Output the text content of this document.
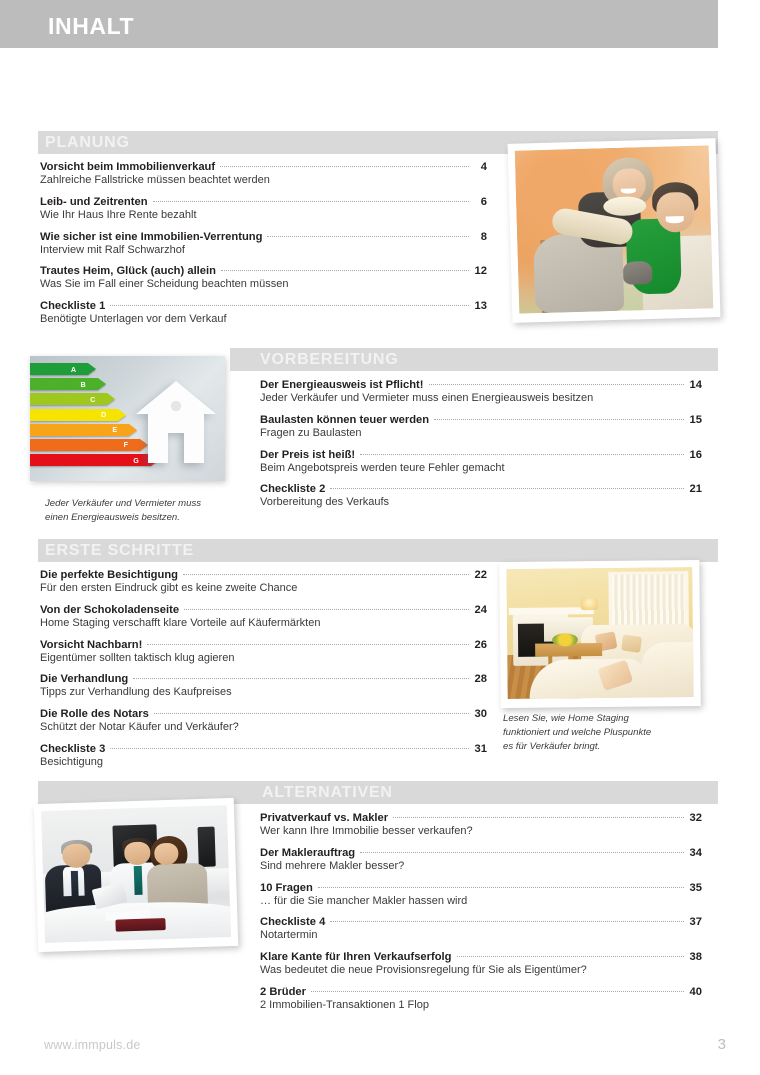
INHALT
PLANUNG
Vorsicht beim Immobilienverkauf	4
Zahlreiche Fallstricke müssen beachtet werden
Leib- und Zeitrenten	6
Wie Ihr Haus Ihre Rente bezahlt
Wie sicher ist eine Immobilien-Verrentung	8
Interview mit Ralf Schwarzhof
Trautes Heim, Glück (auch) allein	12
Was Sie im Fall einer Scheidung beachten müssen
Checkliste 1	13
Benötigte Unterlagen vor dem Verkauf
A
B
C
D
E
F
G
Jeder Verkäufer und Vermieter muss
einen Energieausweis besitzen.
VORBEREITUNG
Der Energieausweis ist Pflicht!	14
Jeder Verkäufer und Vermieter muss einen Energieausweis besitzen
Baulasten können teuer werden	15
Fragen zu Baulasten
Der Preis ist heiß!	16
Beim Angebotspreis werden teure Fehler gemacht
Checkliste 2	21
Vorbereitung des Verkaufs
ERSTE SCHRITTE
Lesen Sie, wie Home Staging
funktioniert und welche Pluspunkte
es für Verkäufer bringt.
Die perfekte Besichtigung	22
Für den ersten Eindruck gibt es keine zweite Chance
Von der Schokoladenseite	24
Home Staging verschafft klare Vorteile auf Käufermärkten
Vorsicht Nachbarn!	26
Eigentümer sollten taktisch klug agieren
Die Verhandlung	28
Tipps zur Verhandlung des Kaufpreises
Die Rolle des Notars	30
Schützt der Notar Käufer und Verkäufer?
Checkliste 3	31
Besichtigung
ALTERNATIVEN
Privatverkauf vs. Makler	32
Wer kann Ihre Immobilie besser verkaufen?
Der Maklerauftrag	34
Sind mehrere Makler besser?
10 Fragen	35
… für die Sie mancher Makler hassen wird
Checkliste 4	37
Notartermin
Klare Kante für Ihren Verkaufserfolg	38
Was bedeutet die neue Provisionsregelung für Sie als Eigentümer?
2 Brüder	40
2 Immobilien-Transaktionen 1 Flop
www.immpuls.de	3
